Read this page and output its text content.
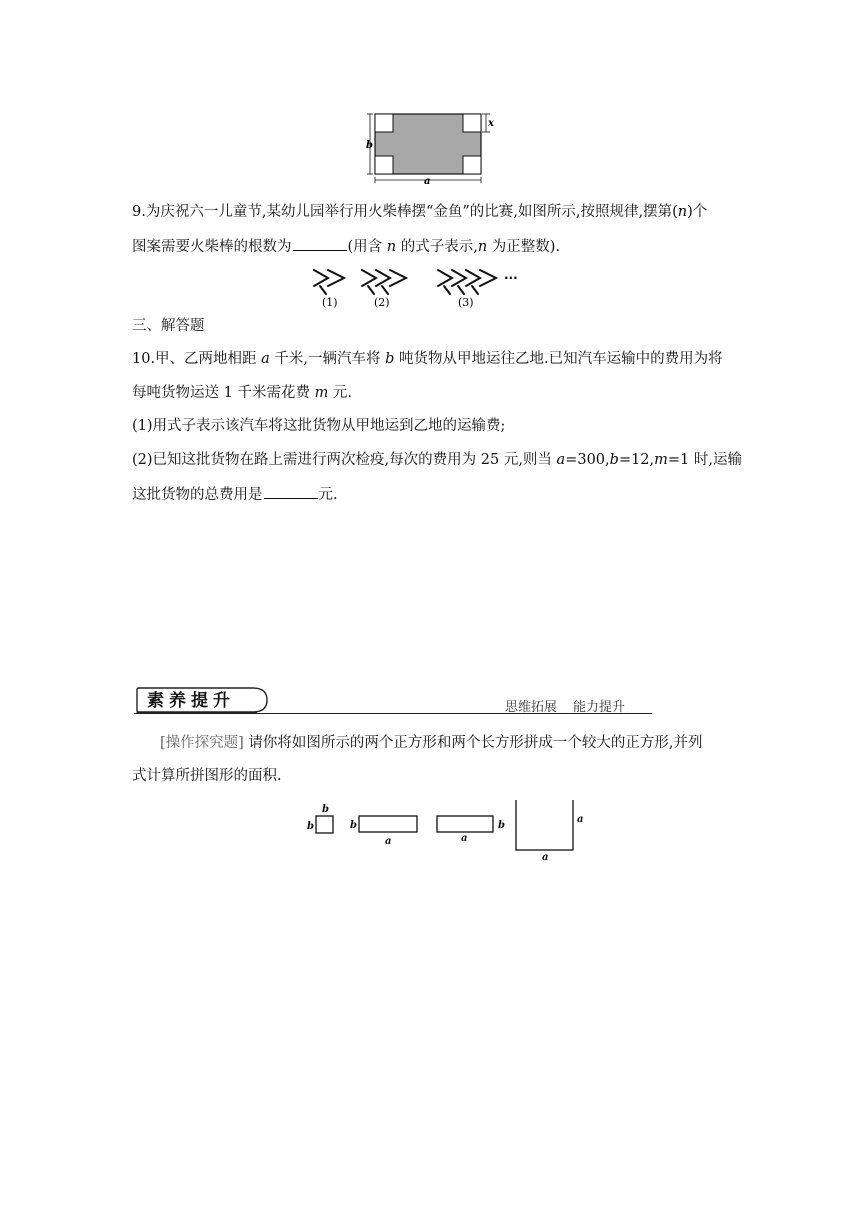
b
x
a
9.为庆祝六一儿童节,某幼儿园举行用火柴棒摆“金鱼”的比赛,如图所示,按照规律,摆第(n)个
图案需要火柴棒的根数为	(用含 n 的式子表示,n 为正整数).
···
(1)	(2)	(3)
三、解答题
10.甲、乙两地相距 a 千米,一辆汽车将 b 吨货物从甲地运往乙地.已知汽车运输中的费用为将
每吨货物运送 1 千米需花费 m 元.
(1)用式子表示该汽车将这批货物从甲地运到乙地的运输费;
(2)已知这批货物在路上需进行两次检疫,每次的费用为 25 元,则当 a=300,b=12,m=1 时,运输
这批货物的总费用是	元.
素养提升	思维拓展 能力提升
[操作探究题] 请你将如图所示的两个正方形和两个长方形拼成一个较大的正方形,并列
式计算所拼图形的面积.
b
b	b
a	a
b
a
a
